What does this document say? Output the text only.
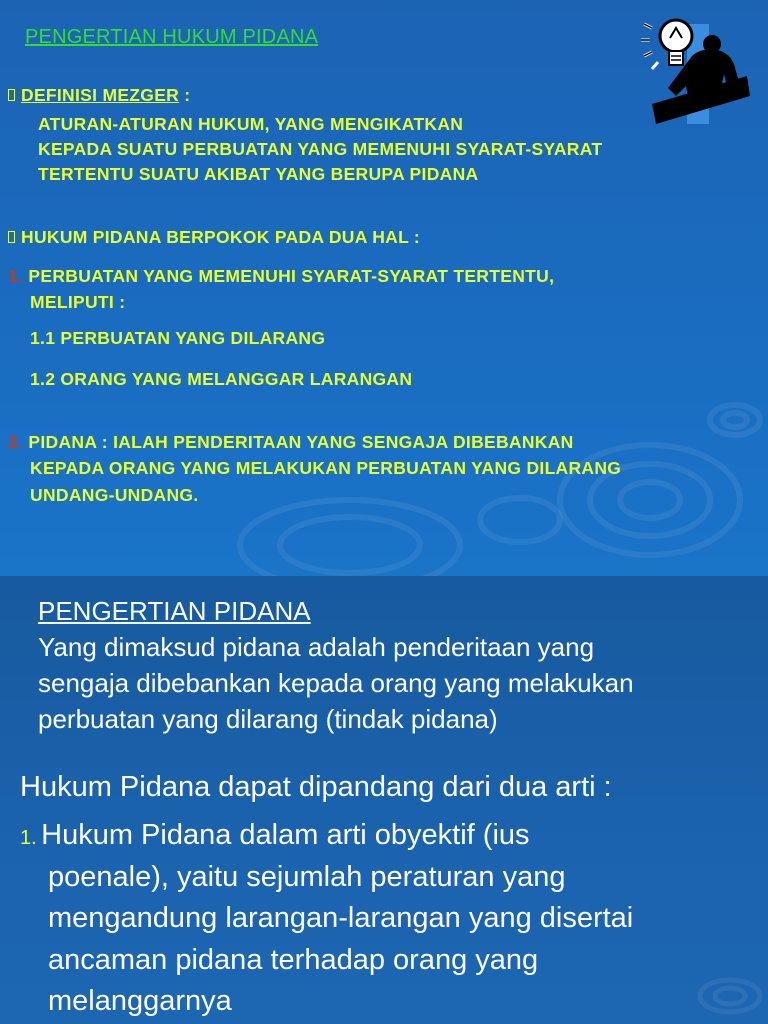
PENGERTIAN HUKUM PIDANA
DEFINISI MEZGER :
ATURAN-ATURAN HUKUM, YANG MENGIKATKAN
KEPADA SUATU PERBUATAN YANG MEMENUHI SYARAT-SYARAT
TERTENTU SUATU AKIBAT YANG BERUPA PIDANA
HUKUM PIDANA BERPOKOK PADA DUA HAL :
1. PERBUATAN YANG MEMENUHI SYARAT-SYARAT TERTENTU,
MELIPUTI :
1.1 PERBUATAN YANG DILARANG
1.2 ORANG YANG MELANGGAR LARANGAN
2. PIDANA : IALAH PENDERITAAN YANG SENGAJA DIBEBANKAN
KEPADA ORANG YANG MELAKUKAN PERBUATAN YANG DILARANG
UNDANG-UNDANG.
PENGERTIAN PIDANA
Yang dimaksud pidana adalah penderitaan yang
sengaja dibebankan kepada orang yang melakukan
perbuatan yang dilarang (tindak pidana)
Hukum Pidana dapat dipandang dari dua arti :
1. Hukum Pidana dalam arti obyektif (ius
poenale), yaitu sejumlah peraturan yang
mengandung larangan-larangan yang disertai
ancaman pidana terhadap orang yang
melanggarnya
